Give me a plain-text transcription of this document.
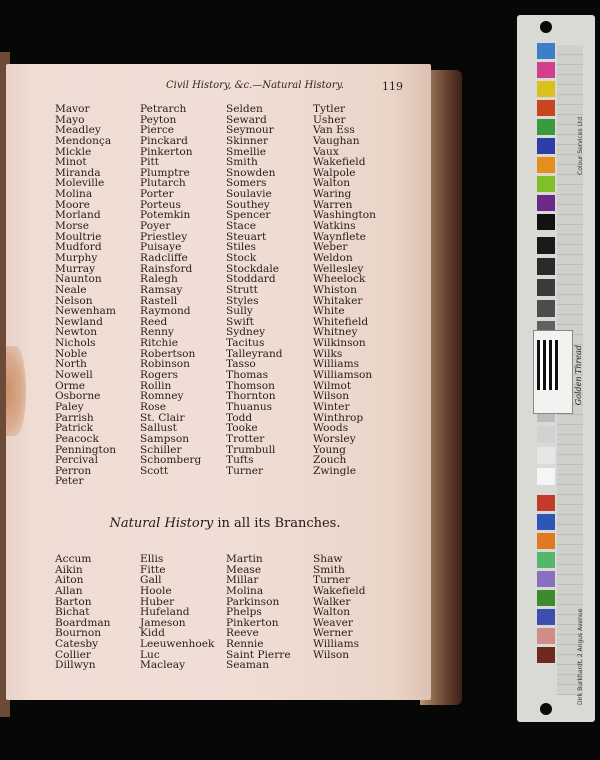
Civil History, &c.—Natural History.	119
Mavor
Mayo
Meadley
Mendonça
Mickle
Minot
Miranda
Moleville
Molina
Moore
Morland
Morse
Moultrie
Mudford
Murphy
Murray
Naunton
Neale
Nelson
Newenham
Newland
Newton
Nichols
Noble
North
Nowell
Orme
Osborne
Paley
Parrish
Patrick
Peacock
Pennington
Percival
Perron
Peter
Petrarch
Peyton
Pierce
Pinckard
Pinkerton
Pitt
Plumptre
Plutarch
Porter
Porteus
Potemkin
Poyer
Priestley
Puisaye
Radcliffe
Rainsford
Ralegh
Ramsay
Rastell
Raymond
Reed
Renny
Ritchie
Robertson
Robinson
Rogers
Rollin
Romney
Rose
St. Clair
Sallust
Sampson
Schiller
Schomberg
Scott
Selden
Seward
Seymour
Skinner
Smellie
Smith
Snowden
Somers
Soulavie
Southey
Spencer
Stace
Steuart
Stiles
Stock
Stockdale
Stoddard
Strutt
Styles
Sully
Swift
Sydney
Tacitus
Talleyrand
Tasso
Thomas
Thomson
Thornton
Thuanus
Todd
Tooke
Trotter
Trumbull
Tufts
Turner
Tytler
Usher
Van Ess
Vaughan
Vaux
Wakefield
Walpole
Walton
Waring
Warren
Washington
Watkins
Waynflete
Weber
Weldon
Wellesley
Wheelock
Whiston
Whitaker
White
Whitefield
Whitney
Wilkinson
Wilks
Williams
Williamson
Wilmot
Wilson
Winter
Winthrop
Woods
Worsley
Young
Zouch
Zwingle
Natural History in all its Branches.
Accum
Aikin
Aiton
Allan
Barton
Bichat
Boardman
Bournon
Catesby
Collier
Dillwyn
Ellis
Fitte
Gall
Hoole
Huber
Hufeland
Jameson
Kidd
Leeuwenhoek
Luc
Macleay
Martin
Mease
Millar
Molina
Parkinson
Phelps
Pinkerton
Reeve
Rennie
Saint Pierre
Seaman
Shaw
Smith
Turner
Wakefield
Walker
Walton
Weaver
Werner
Williams
Wilson
Colour Services Ltd
Dirk Burkhardt, 2 Angus Avenue
Golden Thread
